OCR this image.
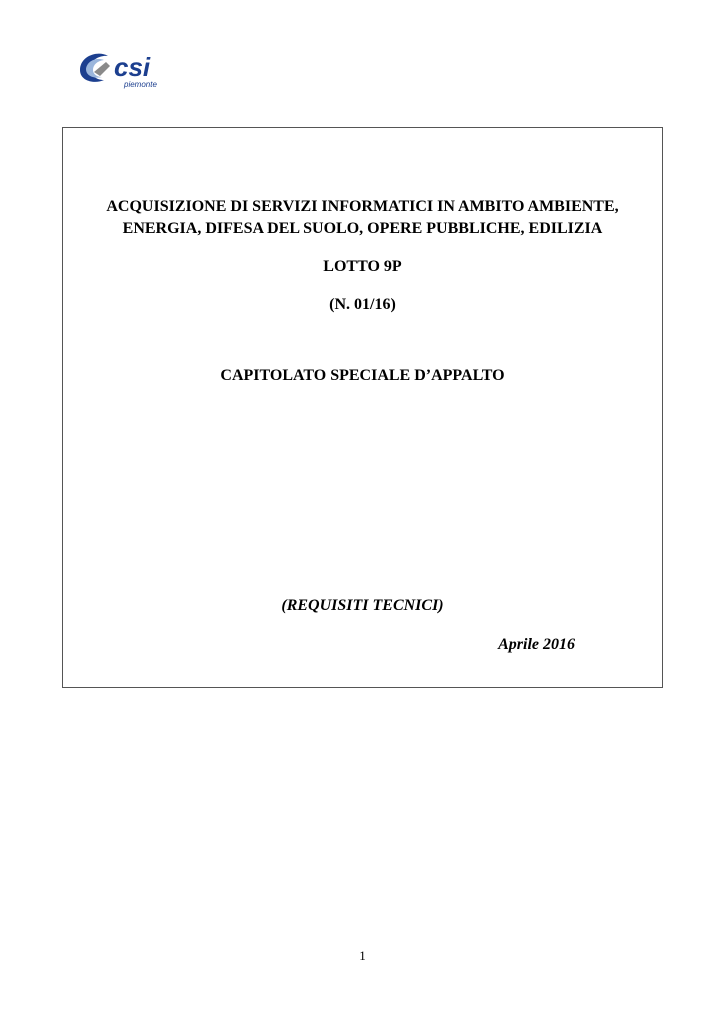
csi
piemonte
ACQUISIZIONE DI SERVIZI INFORMATICI IN AMBITO AMBIENTE,
ENERGIA, DIFESA DEL SUOLO, OPERE PUBBLICHE, EDILIZIA
LOTTO 9P
(N. 01/16)
CAPITOLATO SPECIALE D’APPALTO
(REQUISITI TECNICI)
Aprile 2016
1
